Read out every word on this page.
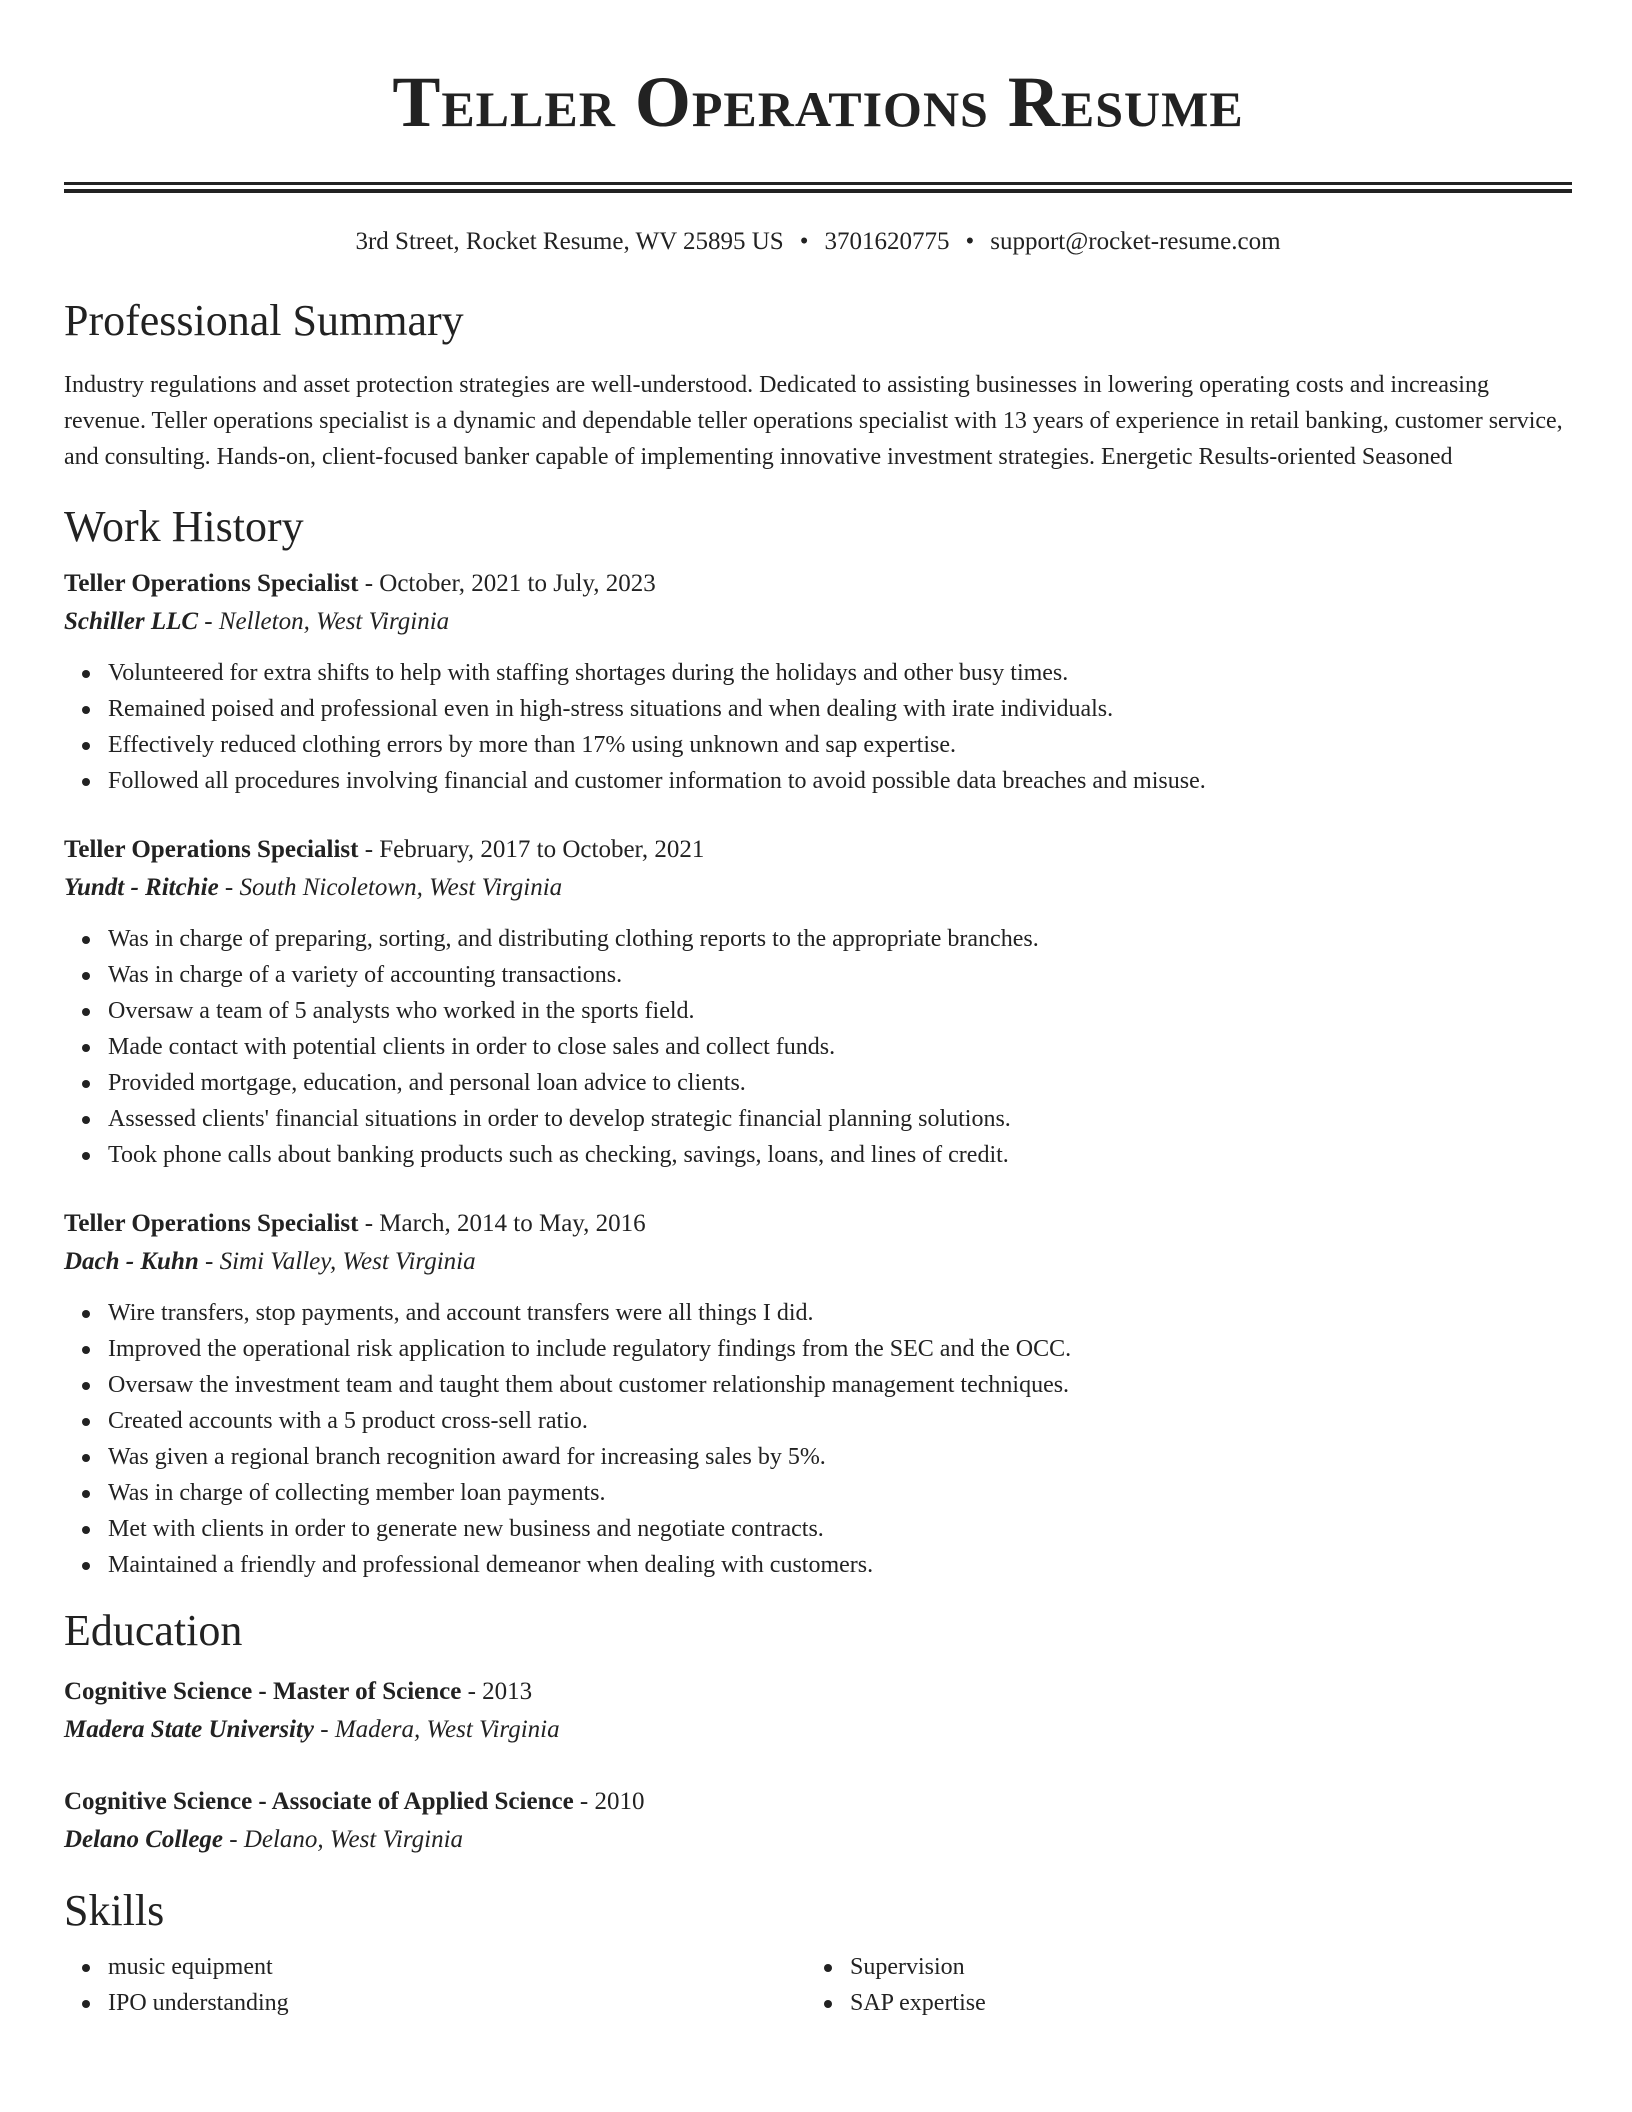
Teller Operations Resume
3rd Street, Rocket Resume, WV 25895 US • 3701620775 • support@rocket-resume.com
Professional Summary

Industry regulations and asset protection strategies are well-understood. Dedicated to assisting businesses in lowering operating costs and increasing revenue. Teller operations specialist is a dynamic and dependable teller operations specialist with 13 years of experience in retail banking, customer service, and consulting. Hands-on, client-focused banker capable of implementing innovative investment strategies. Energetic Results-oriented Seasoned

Work History

Teller Operations Specialist - October, 2021 to July, 2023

Schiller LLC - Nelleton, West Virginia

Volunteered for extra shifts to help with staffing shortages during the holidays and other busy times.
Remained poised and professional even in high-stress situations and when dealing with irate individuals.
Effectively reduced clothing errors by more than 17% using unknown and sap expertise.
Followed all procedures involving financial and customer information to avoid possible data breaches and misuse.

Teller Operations Specialist - February, 2017 to October, 2021

Yundt - Ritchie - South Nicoletown, West Virginia

Was in charge of preparing, sorting, and distributing clothing reports to the appropriate branches.
Was in charge of a variety of accounting transactions.
Oversaw a team of 5 analysts who worked in the sports field.
Made contact with potential clients in order to close sales and collect funds.
Provided mortgage, education, and personal loan advice to clients.
Assessed clients' financial situations in order to develop strategic financial planning solutions.
Took phone calls about banking products such as checking, savings, loans, and lines of credit.

Teller Operations Specialist - March, 2014 to May, 2016

Dach - Kuhn - Simi Valley, West Virginia

Wire transfers, stop payments, and account transfers were all things I did.
Improved the operational risk application to include regulatory findings from the SEC and the OCC.
Oversaw the investment team and taught them about customer relationship management techniques.
Created accounts with a 5 product cross-sell ratio.
Was given a regional branch recognition award for increasing sales by 5%.
Was in charge of collecting member loan payments.
Met with clients in order to generate new business and negotiate contracts.
Maintained a friendly and professional demeanor when dealing with customers.
Education

Cognitive Science - Master of Science - 2013

Madera State University - Madera, West Virginia

Cognitive Science - Associate of Applied Science - 2010

Delano College - Delano, West Virginia

Skills
music equipment
IPO understanding
Supervision
SAP expertise
